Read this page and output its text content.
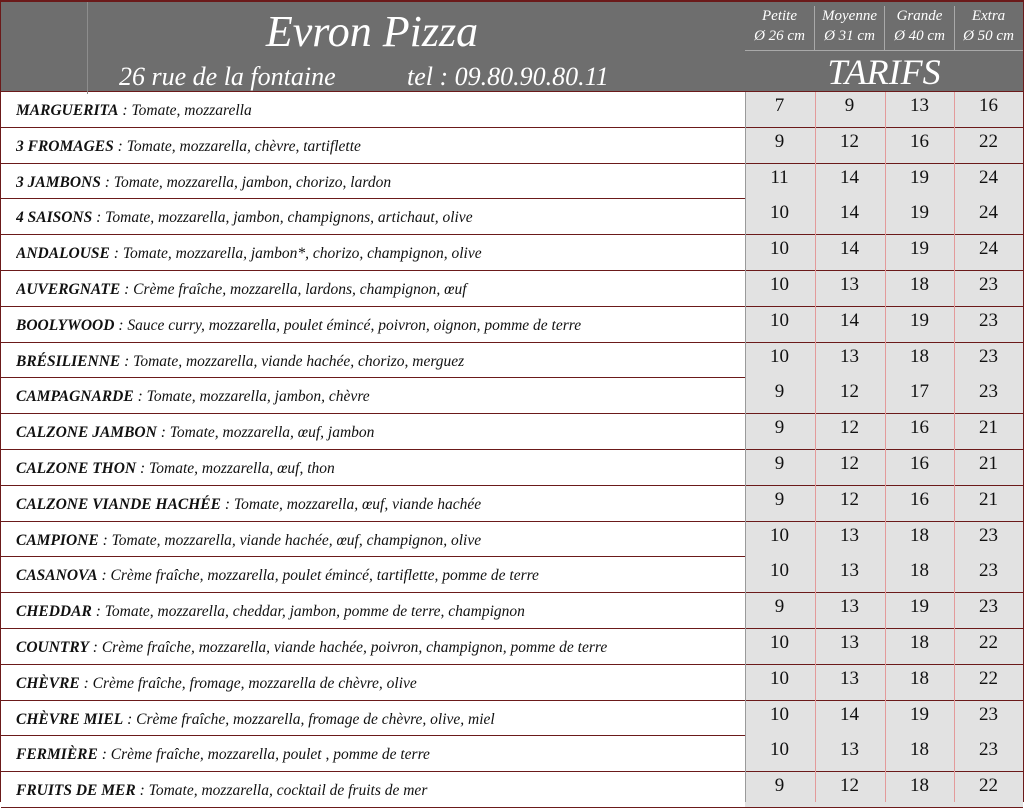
Evron Pizza
26 rue de la fontaine	tel : 09.80.90.80.11
Petite
Ø 26 cm
Moyenne
Ø 31 cm
Grande
Ø 40 cm
Extra
Ø 50 cm
TARIFS
MARGUERITA : Tomate, mozzarella	7	9	13	16
3 FROMAGES : Tomate, mozzarella, chèvre, tartiflette	9	12	16	22
3 JAMBONS : Tomate, mozzarella, jambon, chorizo, lardon	11	14	19	24
4 SAISONS : Tomate, mozzarella, jambon, champignons, artichaut, olive	10	14	19	24
ANDALOUSE : Tomate, mozzarella, jambon*, chorizo, champignon, olive	10	14	19	24
AUVERGNATE : Crème fraîche, mozzarella, lardons, champignon, œuf	10	13	18	23
BOOLYWOOD : Sauce curry, mozzarella, poulet émincé, poivron, oignon, pomme de terre	10	14	19	23
BRÉSILIENNE : Tomate, mozzarella, viande hachée, chorizo, merguez	10	13	18	23
CAMPAGNARDE : Tomate, mozzarella, jambon, chèvre	9	12	17	23
CALZONE JAMBON : Tomate, mozzarella, œuf, jambon	9	12	16	21
CALZONE THON : Tomate, mozzarella, œuf, thon	9	12	16	21
CALZONE VIANDE HACHÉE : Tomate, mozzarella, œuf, viande hachée	9	12	16	21
CAMPIONE : Tomate, mozzarella, viande hachée, œuf, champignon, olive	10	13	18	23
CASANOVA : Crème fraîche, mozzarella, poulet émincé, tartiflette, pomme de terre	10	13	18	23
CHEDDAR : Tomate, mozzarella, cheddar, jambon, pomme de terre, champignon	9	13	19	23
COUNTRY : Crème fraîche, mozzarella, viande hachée, poivron, champignon, pomme de terre	10	13	18	22
CHÈVRE : Crème fraîche, fromage, mozzarella de chèvre, olive	10	13	18	22
CHÈVRE MIEL : Crème fraîche, mozzarella, fromage de chèvre, olive, miel	10	14	19	23
FERMIÈRE : Crème fraîche, mozzarella, poulet , pomme de terre	10	13	18	23
FRUITS DE MER : Tomate, mozzarella, cocktail de fruits de mer	9	12	18	22
